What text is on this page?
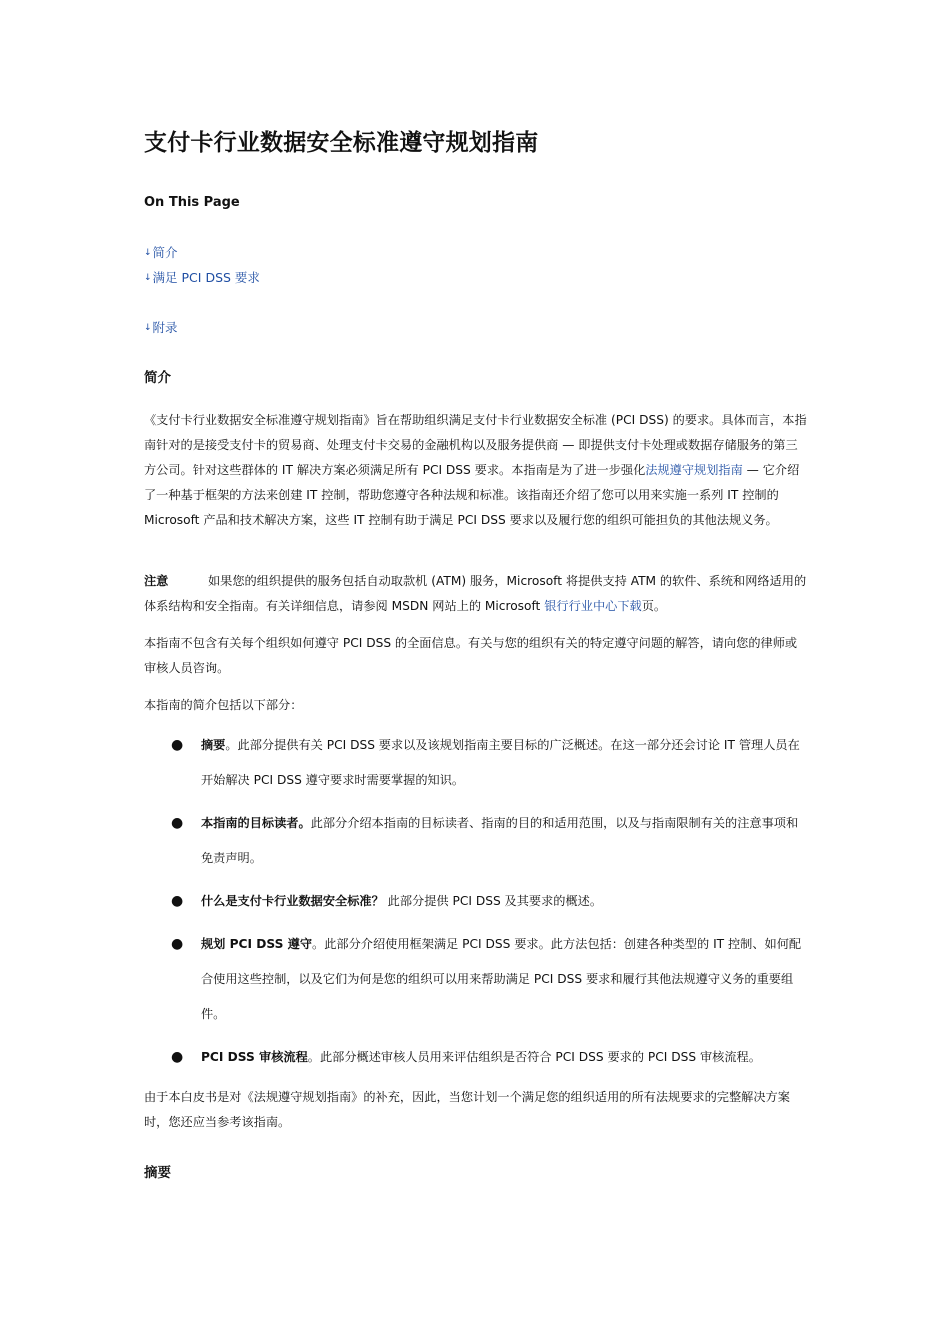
支付卡行业数据安全标准遵守规划指南
On This Page
↓简介
↓满足 PCI DSS 要求
↓附录
简介

《支付卡行业数据安全标准遵守规划指南》旨在帮助组织满足支付卡行业数据安全标准 (PCI DSS) 的要求。具体而言，本指南针对的是接受支付卡的贸易商、处理支付卡交易的金融机构以及服务提供商 — 即提供支付卡处理或数据存储服务的第三方公司。针对这些群体的 IT 解决方案必须满足所有 PCI DSS 要求。本指南是为了进一步强化法规遵守规划指南 — 它介绍了一种基于框架的方法来创建 IT 控制，帮助您遵守各种法规和标准。该指南还介绍了您可以用来实施一系列 IT 控制的 Microsoft 产品和技术解决方案，这些 IT 控制有助于满足 PCI DSS 要求以及履行您的组织可能担负的其他法规义务。

注意	如果您的组织提供的服务包括自动取款机 (ATM) 服务，Microsoft 将提供支持 ATM 的软件、系统和网络适用的体系结构和安全指南。有关详细信息，请参阅 MSDN 网站上的 Microsoft 银行行业中心下载页。

本指南不包含有关每个组织如何遵守 PCI DSS 的全面信息。有关与您的组织有关的特定遵守问题的解答，请向您的律师或审核人员咨询。

本指南的简介包括以下部分：

● 摘要。此部分提供有关 PCI DSS 要求以及该规划指南主要目标的广泛概述。在这一部分还会讨论 IT 管理人员在开始解决 PCI DSS 遵守要求时需要掌握的知识。
● 本指南的目标读者。此部分介绍本指南的目标读者、指南的目的和适用范围，以及与指南限制有关的注意事项和免责声明。
● 什么是支付卡行业数据安全标准？ 此部分提供 PCI DSS 及其要求的概述。
● 规划 PCI DSS 遵守。此部分介绍使用框架满足 PCI DSS 要求。此方法包括：创建各种类型的 IT 控制、如何配合使用这些控制，以及它们为何是您的组织可以用来帮助满足 PCI DSS 要求和履行其他法规遵守义务的重要组件。
● PCI DSS 审核流程。此部分概述审核人员用来评估组织是否符合 PCI DSS 要求的 PCI DSS 审核流程。

由于本白皮书是对《法规遵守规划指南》的补充，因此，当您计划一个满足您的组织适用的所有法规要求的完整解决方案时，您还应当参考该指南。

摘要
